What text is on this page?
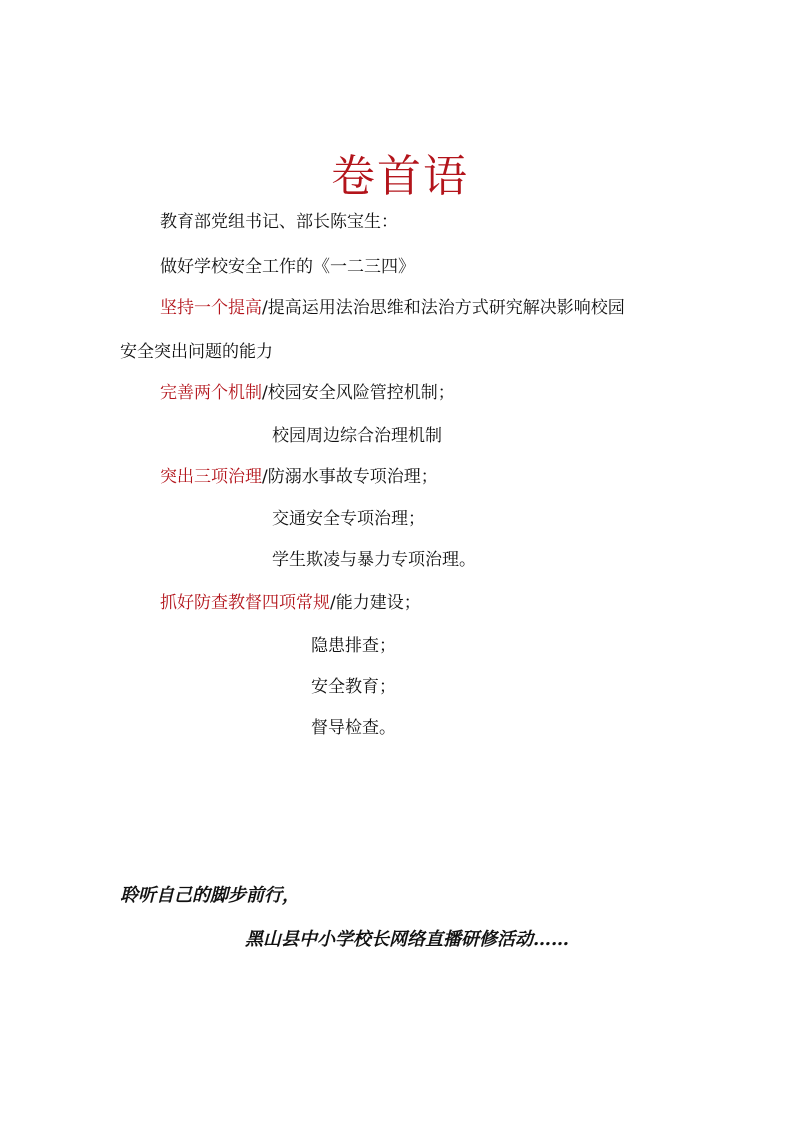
卷首语
教育部党组书记、部长陈宝生：
做好学校安全工作的《一二三四》
坚持一个提高/提高运用法治思维和法治方式研究解决影响校园
安全突出问题的能力
完善两个机制/校园安全风险管控机制；
校园周边综合治理机制
突出三项治理/防溺水事故专项治理；
交通安全专项治理；
学生欺凌与暴力专项治理。
抓好防查教督四项常规/能力建设；
隐患排查；
安全教育；
督导检查。
聆听自己的脚步前行，
黑山县中小学校长网络直播研修活动……
